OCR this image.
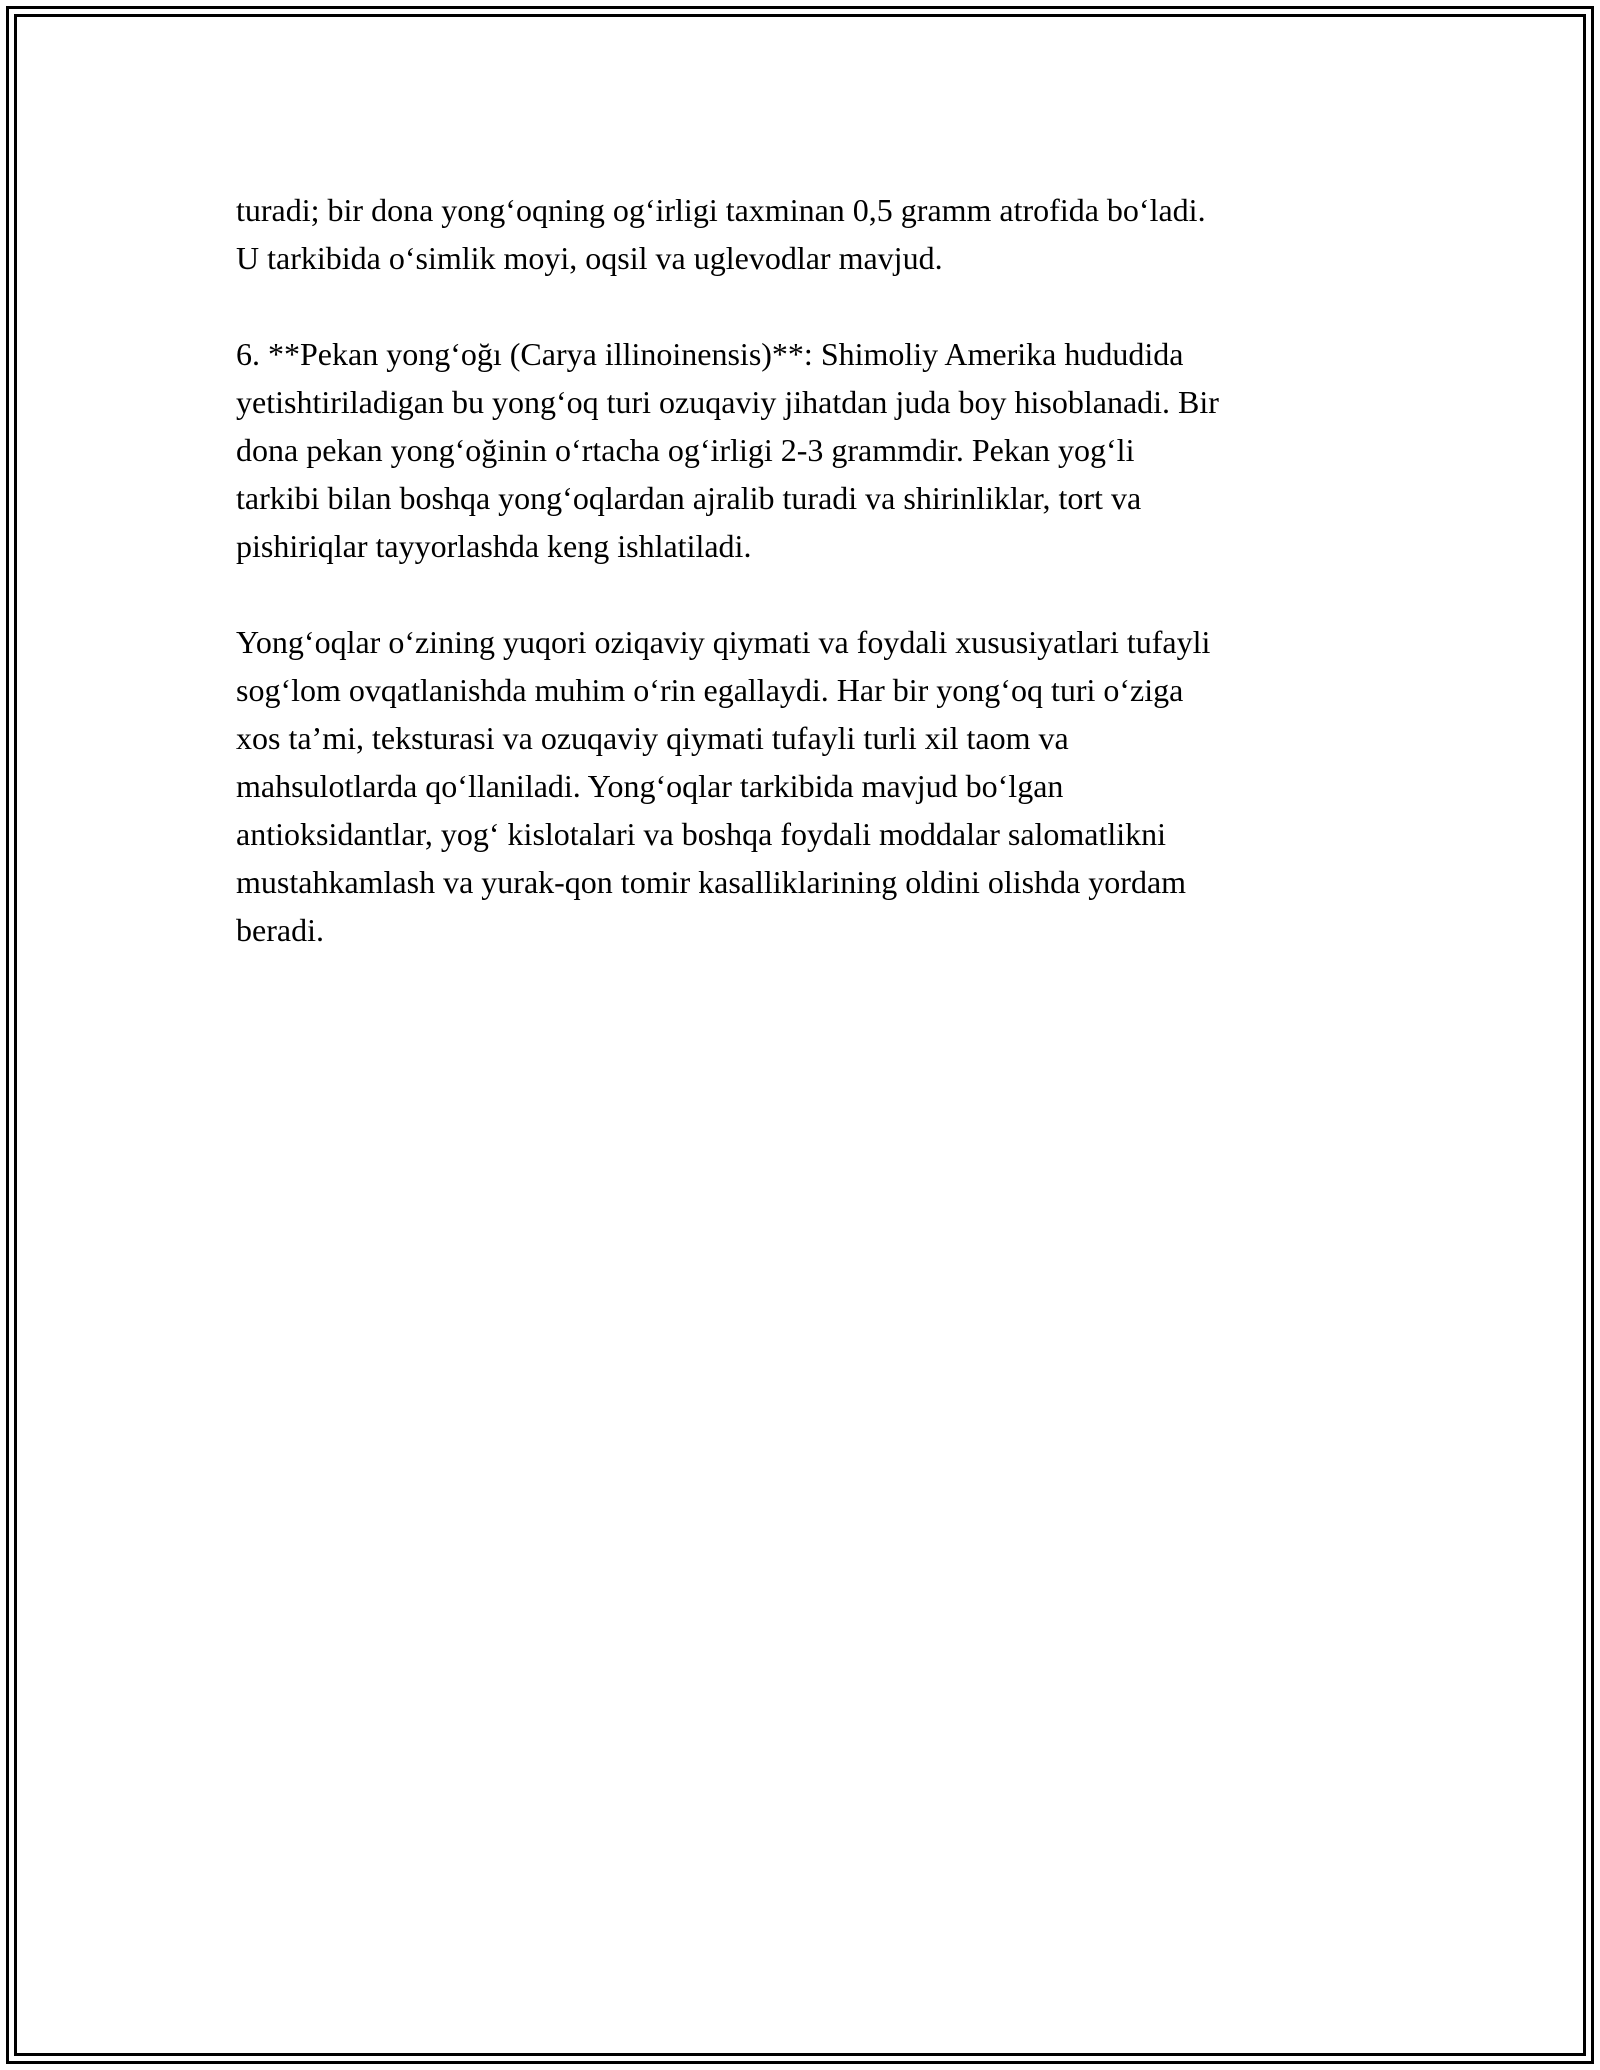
turadi; bir dona yong‘oqning og‘irligi taxminan 0,5 gramm atrofida bo‘ladi.
U tarkibida o‘simlik moyi, oqsil va uglevodlar mavjud.

6. **Pekan yong‘oğı (Carya illinoinensis)**: Shimoliy Amerika hududida
yetishtiriladigan bu yong‘oq turi ozuqaviy jihatdan juda boy hisoblanadi. Bir
dona pekan yong‘oğinin o‘rtacha og‘irligi 2-3 grammdir. Pekan yog‘li
tarkibi bilan boshqa yong‘oqlardan ajralib turadi va shirinliklar, tort va
pishiriqlar tayyorlashda keng ishlatiladi.

Yong‘oqlar o‘zining yuqori oziqaviy qiymati va foydali xususiyatlari tufayli
sog‘lom ovqatlanishda muhim o‘rin egallaydi. Har bir yong‘oq turi o‘ziga
xos ta’mi, teksturasi va ozuqaviy qiymati tufayli turli xil taom va
mahsulotlarda qo‘llaniladi. Yong‘oqlar tarkibida mavjud bo‘lgan
antioksidantlar, yog‘ kislotalari va boshqa foydali moddalar salomatlikni
mustahkamlash va yurak-qon tomir kasalliklarining oldini olishda yordam
beradi.
